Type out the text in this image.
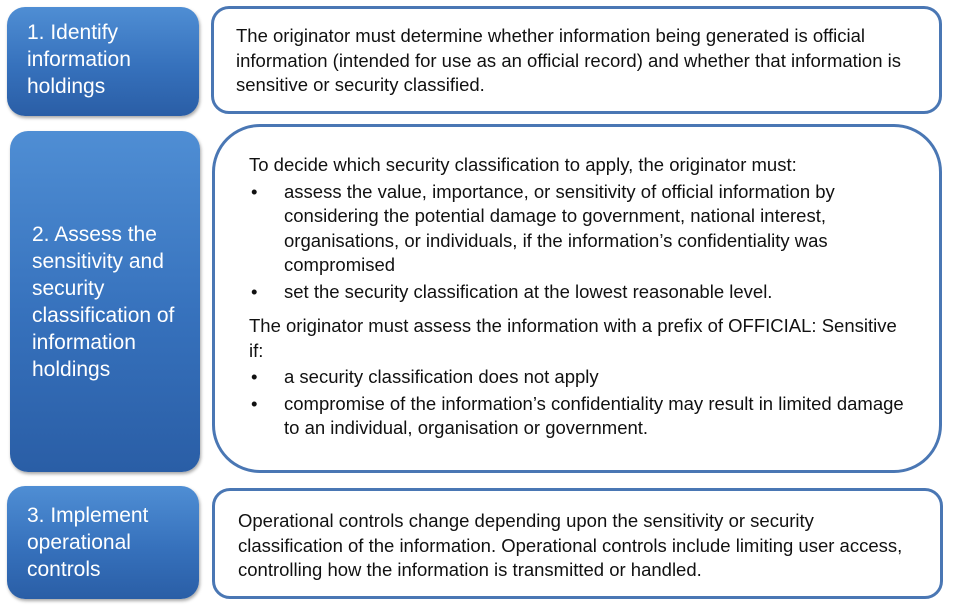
1. Identify information holdings
2. Assess the sensitivity and security classification of information holdings
3. Implement operational controls

The originator must determine whether information being generated is official information (intended for use as an official record) and whether that information is sensitive or security classified.

To decide which security classification to apply, the originator must:

• assess the value, importance, or sensitivity of official information by considering the potential damage to government, national interest, organisations, or individuals, if the information’s confidentiality was compromised
• set the security classification at the lowest reasonable level.

The originator must assess the information with a prefix of OFFICIAL: Sensitive if:

• a security classification does not apply
• compromise of the information’s confidentiality may result in limited damage to an individual, organisation or government.

Operational controls change depending upon the sensitivity or security classification of the information. Operational controls include limiting user access, controlling how the information is transmitted or handled.
